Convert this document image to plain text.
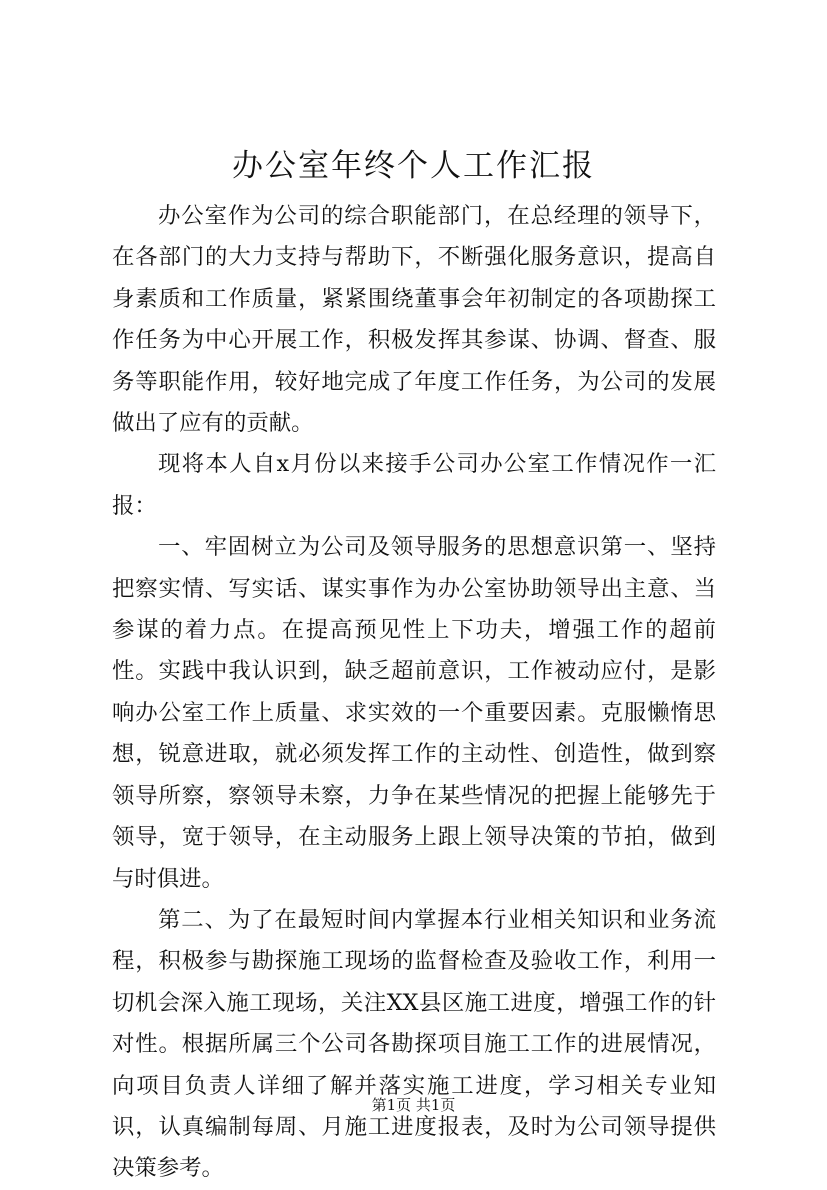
办公室年终个人工作汇报

办公室作为公司的综合职能部门，在总经理的领导下，在各部门的大力支持与帮助下，不断强化服务意识，提高自身素质和工作质量，紧紧围绕董事会年初制定的各项勘探工作任务为中心开展工作，积极发挥其参谋、协调、督查、服务等职能作用，较好地完成了年度工作任务，为公司的发展做出了应有的贡献。

现将本人自x月份以来接手公司办公室工作情况作一汇报：

一、牢固树立为公司及领导服务的思想意识第一、坚持把察实情、写实话、谋实事作为办公室协助领导出主意、当参谋的着力点。在提高预见性上下功夫，增强工作的超前性。实践中我认识到，缺乏超前意识，工作被动应付，是影响办公室工作上质量、求实效的一个重要因素。克服懒惰思想，锐意进取，就必须发挥工作的主动性、创造性，做到察领导所察，察领导未察，力争在某些情况的把握上能够先于领导，宽于领导，在主动服务上跟上领导决策的节拍，做到与时俱进。

第二、为了在最短时间内掌握本行业相关知识和业务流程，积极参与勘探施工现场的监督检查及验收工作，利用一切机会深入施工现场，关注XX县区施工进度，增强工作的针对性。根据所属三个公司各勘探项目施工工作的进展情况，向项目负责人详细了解并落实施工进度，学习相关专业知识，认真编制每周、月施工进度报表，及时为公司领导提供决策参考。

第1页 共1页
